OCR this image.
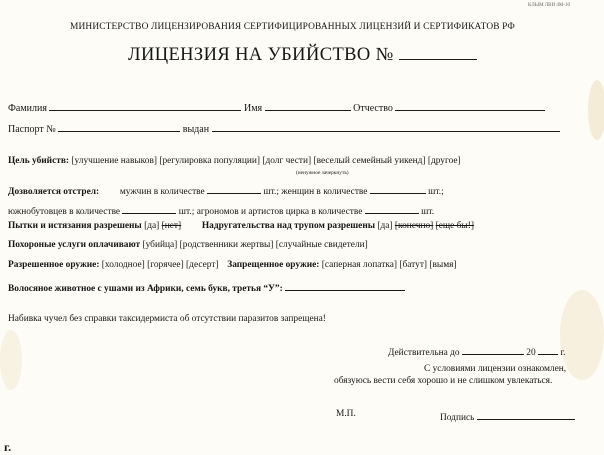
КЛЫМ ЛВИ 4М-10
МИНИСТЕРСТВО ЛИЦЕНЗИРОВАНИЯ СЕРТИФИЦИРОВАННЫХ ЛИЦЕНЗИЙ И СЕРТИФИКАТОВ РФ
ЛИЦЕНЗИЯ НА УБИЙСТВО №
Фамилия	Имя	Отчество
Паспорт №	выдан
Цель убийств: [улучшение навыков] [регулировка популяции] [долг чести] [веселый семейный уикенд] [другое]
(ненужное зачеркнуть)
Дозволяется отстрел: мужчин в количестве	шт.; женщин в количестве	шт.;
южнобутовцев в количестве	шт.; агрономов и артистов цирка в количестве	шт.
Пытки и истязания разрешены [да] [нет] Надругательства над трупом разрешены [да] [конечно] [еще бы!]
Похороные услуги оплачивают [убийца] [родственники жертвы] [случайные свидетели]
Разрешенное оружие: [холодное] [горячее] [десерт] Запрещенное оружие: [саперная лопатка] [батут] [вымя]
Волосяное животное с ушами из Африки, семь букв, третья “У”:
Набивка чучел без справки таксидермиста об отсутствии паразитов запрещена!
Действительна до	20	г.
С условиями лицензии ознакомлен,
обязуюсь вести себя хорошо и не слишком увлекаться.
М.П.	Подпись
г.
